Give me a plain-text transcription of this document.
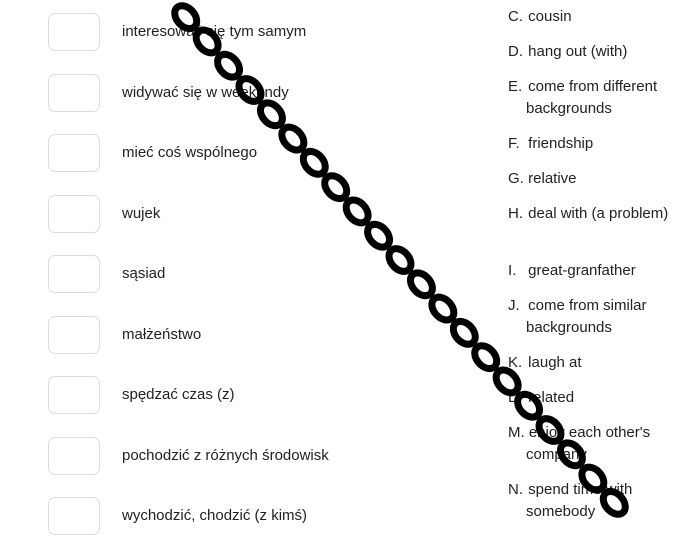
interesować się tym samym
widywać się w weekendy
mieć coś wspólnego
wujek
sąsiad
małżeństwo
spędzać czas (z)
pochodzić z różnych środowisk
wychodzić, chodzić (z kimś)
C. cousin
D. hang out (with)
E. come from different backgrounds
F. friendship
G. relative
H. deal with (a problem)
I. great-granfather
J. come from similar backgrounds
K. laugh at
L. related
M. enjoy each other's company
N. spend time with somebody
